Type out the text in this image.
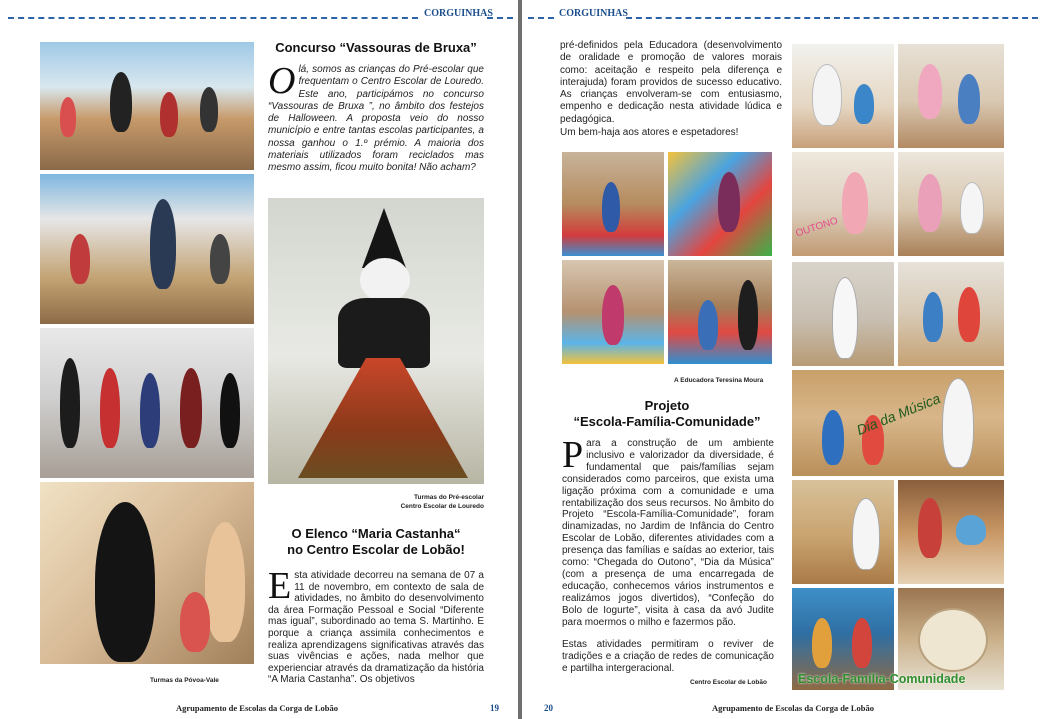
CORGUINHAS
Turmas da Póvoa-Vale
Concurso “Vassouras de Bruxa”

Olá, somos as crianças do Pré-escolar que frequentam o Centro Escolar de Louredo. Este ano, participámos no concurso “Vassouras de Bruxa ”, no âmbito dos festejos de Halloween. A proposta veio do nosso município e entre tantas escolas participantes, a nossa ganhou o 1.º prémio. A maioria dos materiais utilizados foram reciclados mas mesmo assim, ficou muito bonita! Não acham?

Turmas do Pré-escolar
Centro Escolar de Louredo
O Elenco “Maria Castanha“
no Centro Escolar de Lobão!

Esta atividade decorreu na semana de 07 a 11 de novembro, em contexto de sala de atividades, no âmbito do desenvolvimento da área Formação Pessoal e Social “Diferente mas igual”, subordinado ao tema S. Martinho. E porque a criança assimila conhecimentos e realiza aprendizagens significativas através das suas vivências e ações, nada melhor que experienciar através da dramatização da história “A Maria Castanha”. Os objetivos

Agrupamento de Escolas da Corga de Lobão	19
CORGUINHAS

pré-definidos pela Educadora (desenvolvimento de oralidade e promoção de valores morais como: aceitação e respeito pela diferença e interajuda) foram providos de sucesso educativo. As crianças envolveram-se com entusiasmo, empenho e dedicação nesta atividade lúdica e pedagógica.

Um bem-haja aos atores e espetadores!

A Educadora Teresina Moura
Projeto
“Escola-Família-Comunidade”

Para a construção de um ambiente inclusivo e valorizador da diversidade, é fundamental que pais/famílias sejam considerados como parceiros, que exista uma ligação próxima com a comunidade e uma rentabilização dos seus recursos. No âmbito do Projeto “Escola-Família-Comunidade”, foram dinamizadas, no Jardim de Infância do Centro Escolar de Lobão, diferentes atividades com a presença das famílias e saídas ao exterior, tais como: “Chegada do Outono”, “Dia da Música” (com a presença de uma encarregada de educação, conhecemos vários instrumentos e realizámos jogos divertidos), “Confeção do Bolo de Iogurte”, visita à casa da avó Judite para moermos o milho e fazermos pão.

Estas atividades permitiram o reviver de tradições e a criação de redes de comunicação e partilha intergeracional.

Centro Escolar de Lobão
OUTONO
Dia da Música
Escola-Família-Comunidade
20	Agrupamento de Escolas da Corga de Lobão
